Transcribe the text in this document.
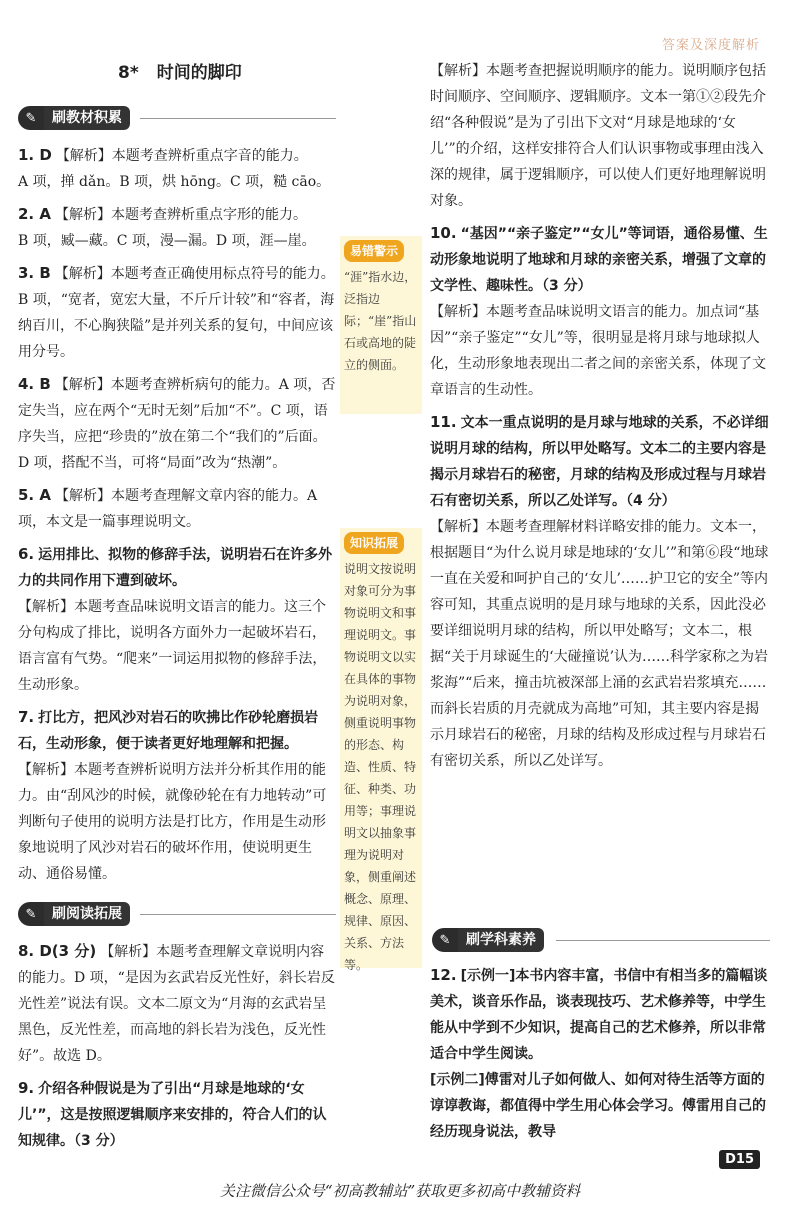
答案及深度解析
8* 时间的脚印
✎	刷教材积累
1. D 【解析】本题考查辨析重点字音的能力。
A 项，掸 dǎn。B 项，烘 hōng。C 项，糙 cāo。
2. A 【解析】本题考查辨析重点字形的能力。
B 项，臧—藏。C 项，漫—漏。D 项，涯—崖。
3. B 【解析】本题考查正确使用标点符号的能力。B 项，“宽者，宽宏大量，不斤斤计较”和“容者，海纳百川，不心胸狭隘”是并列关系的复句，中间应该用分号。
4. B 【解析】本题考查辨析病句的能力。A 项，否定失当，应在两个“无时无刻”后加“不”。C 项，语序失当，应把“珍贵的”放在第二个“我们的”后面。D 项，搭配不当，可将“局面”改为“热潮”。
5. A 【解析】本题考查理解文章内容的能力。A 项，本文是一篇事理说明文。
6. 运用排比、拟物的修辞手法，说明岩石在许多外力的共同作用下遭到破坏。
【解析】本题考查品味说明文语言的能力。这三个分句构成了排比，说明各方面外力一起破坏岩石，语言富有气势。“爬来”一词运用拟物的修辞手法，生动形象。
7. 打比方，把风沙对岩石的吹拂比作砂轮磨损岩石，生动形象，便于读者更好地理解和把握。
【解析】本题考查辨析说明方法并分析其作用的能力。由“刮风沙的时候，就像砂轮在有力地转动”可判断句子使用的说明方法是打比方，作用是生动形象地说明了风沙对岩石的破坏作用，使说明更生动、通俗易懂。
✎	刷阅读拓展
8. D(3 分) 【解析】本题考查理解文章说明内容的能力。D 项，“是因为玄武岩反光性好，斜长岩反光性差”说法有误。文本二原文为“月海的玄武岩呈黑色，反光性差，而高地的斜长岩为浅色，反光性好”。故选 D。
9. 介绍各种假说是为了引出“月球是地球的‘女儿’”，这是按照逻辑顺序来安排的，符合人们的认知规律。（3 分）
易错警示
“涯”指水边，泛指边际；“崖”指山石或高地的陡立的侧面。
知识拓展
说明文按说明对象可分为事物说明文和事理说明文。事物说明文以实在具体的事物为说明对象，侧重说明事物的形态、构造、性质、特征、种类、功用等；事理说明文以抽象事理为说明对象，侧重阐述概念、原理、规律、原因、关系、方法等。
【解析】本题考查把握说明顺序的能力。说明顺序包括时间顺序、空间顺序、逻辑顺序。文本一第①②段先介绍“各种假说”是为了引出下文对“月球是地球的‘女儿’”的介绍，这样安排符合人们认识事物或事理由浅入深的规律，属于逻辑顺序，可以使人们更好地理解说明对象。
10. “基因”“亲子鉴定”“女儿”等词语，通俗易懂、生动形象地说明了地球和月球的亲密关系，增强了文章的文学性、趣味性。（3 分）
【解析】本题考查品味说明文语言的能力。加点词“基因”“亲子鉴定”“女儿”等，很明显是将月球与地球拟人化，生动形象地表现出二者之间的亲密关系，体现了文章语言的生动性。
11. 文本一重点说明的是月球与地球的关系，不必详细说明月球的结构，所以甲处略写。文本二的主要内容是揭示月球岩石的秘密，月球的结构及形成过程与月球岩石有密切关系，所以乙处详写。（4 分）
【解析】本题考查理解材料详略安排的能力。文本一，根据题目“为什么说月球是地球的‘女儿’”和第⑥段“地球一直在关爱和呵护自己的‘女儿’……护卫它的安全”等内容可知，其重点说明的是月球与地球的关系，因此没必要详细说明月球的结构，所以甲处略写；文本二，根据“关于月球诞生的‘大碰撞说’认为……科学家称之为岩浆海”“后来，撞击坑被深部上涌的玄武岩岩浆填充……而斜长岩质的月壳就成为高地”可知，其主要内容是揭示月球岩石的秘密，月球的结构及形成过程与月球岩石有密切关系，所以乙处详写。
✎	刷学科素养
12. [示例一]本书内容丰富，书信中有相当多的篇幅谈美术，谈音乐作品，谈表现技巧、艺术修养等，中学生能从中学到不少知识，提高自己的艺术修养，所以非常适合中学生阅读。
[示例二]傅雷对儿子如何做人、如何对待生活等方面的谆谆教诲，都值得中学生用心体会学习。傅雷用自己的经历现身说法，教导
D15
关注微信公众号“初高教辅站”获取更多初高中教辅资料
